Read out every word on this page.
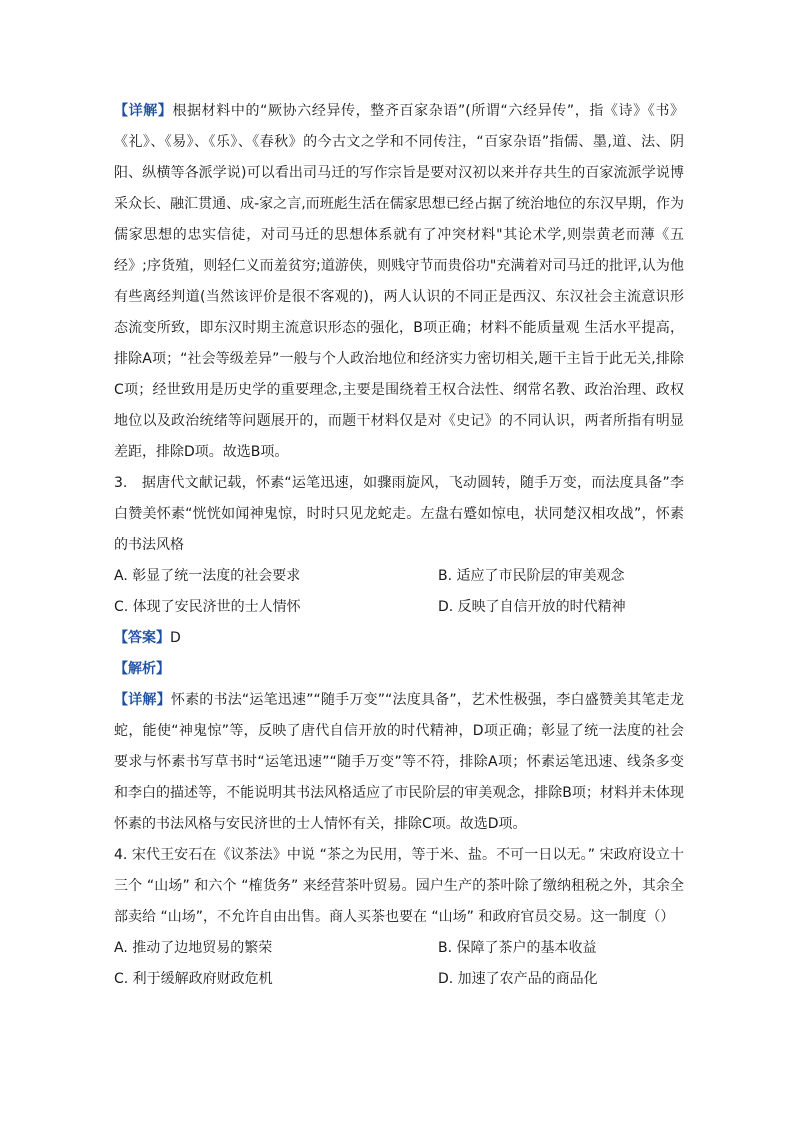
【详解】根据材料中的“厥协六经异传，整齐百家杂语”(所谓“六经异传”，指《诗》《书》《礼》、《易》、《乐》、《春秋》的今古文之学和不同传注，“百家杂语”指儒、墨,道、法、阴阳、纵横等各派学说)可以看出司马迁的写作宗旨是要对汉初以来并存共生的百家流派学说博采众长、融汇贯通、成-家之言,而班彪生活在儒家思想已经占据了统治地位的东汉早期，作为儒家思想的忠实信徒，对司马迁的思想体系就有了冲突材料"其论术学,则崇黄老而薄《五经》;序货殖，则轻仁义而羞贫穷;道游侠，则贱守节而贵俗功"充满着对司马迁的批评,认为他有些离经判道(当然该评价是很不客观的)，两人认识的不同正是西汉、东汉社会主流意识形态流变所致，即东汉时期主流意识形态的强化，B项正确；材料不能质量观 生活水平提高，排除A项；“社会等级差异”一般与个人政治地位和经济实力密切相关,题干主旨于此无关,排除C项；经世致用是历史学的重要理念,主要是围绕着王权合法性、纲常名教、政治治理、政权地位以及政治统绪等问题展开的，而题干材料仅是对《史记》的不同认识，两者所指有明显差距，排除D项。故选B项。

3.　据唐代文献记载，怀素“运笔迅速，如骤雨旋风，飞动圆转，随手万变，而法度具备”李白赞美怀素“恍恍如闻神鬼惊，时时只见龙蛇走。左盘右蹙如惊电，状同楚汉相攻战”，怀素的书法风格

A. 彰显了统一法度的社会要求	B. 适应了市民阶层的审美观念
C. 体现了安民济世的士人情怀	D. 反映了自信开放的时代精神
【答案】D
【解析】

【详解】怀素的书法“运笔迅速”“随手万变”“法度具备”，艺术性极强，李白盛赞美其笔走龙蛇，能使“神鬼惊”等，反映了唐代自信开放的时代精神，D项正确；彰显了统一法度的社会要求与怀素书写草书时“运笔迅速”“随手万变”等不符，排除A项；怀素运笔迅速、线条多变和李白的描述等，不能说明其书法风格适应了市民阶层的审美观念，排除B项；材料并未体现怀素的书法风格与安民济世的士人情怀有关，排除C项。故选D项。

4. 宋代王安石在《议茶法》中说 “茶之为民用，等于米、盐。不可一日以无。” 宋政府设立十三个 “山场” 和六个 “榷货务” 来经营茶叶贸易。园户生产的茶叶除了缴纳租税之外，其余全部卖给 “山场”，不允许自由出售。商人买茶也要在 “山场” 和政府官员交易。这一制度（）

A. 推动了边地贸易的繁荣	B. 保障了茶户的基本收益
C. 利于缓解政府财政危机	D. 加速了农产品的商品化
